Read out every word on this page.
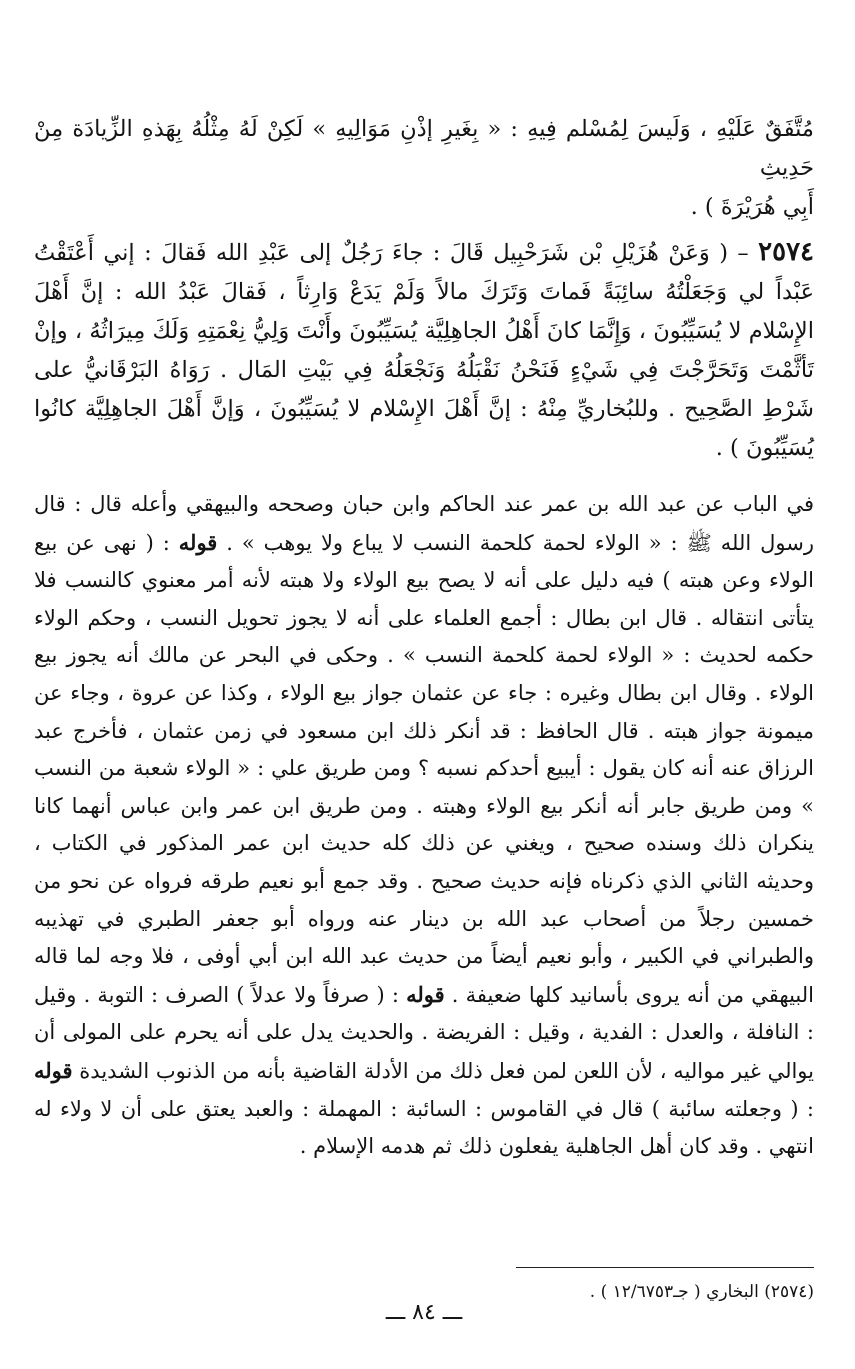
مُتَّفَقٌ عَلَيْهِ ، وَلَيسَ لِمُسْلم فِيهِ : « بِغَيرِ إذْنِ مَوَالِيهِ » لَكِنْ لَهُ مِثْلُهُ بِهَذهِ الزِّيادَة مِنْ حَدِيثِ

أَبِي هُرَيْرَةَ ) .

٢٥٧٤ – ( وَعَنْ هُزَيْلِ بْن شَرَحْبِيل قَالَ : جاءَ رَجُلٌ إلى عَبْدِ الله فَقالَ : إني أَعْتَقْتُ عَبْداً لي وَجَعَلْتُهُ سائِبَةً فَماتَ وَتَرَكَ مالاً وَلَمْ يَدَعْ وَارِثاً ، فَقالَ عَبْدُ الله : إنَّ أَهْلَ الإِسْلام لا يُسَيِّبُونَ ، وَإِنَّمَا كانَ أَهْلُ الجاهِلِيَّة يُسَيِّبُونَ وأَنْتَ وَلِيُّ نِعْمَتِهِ وَلَكَ مِيرَاثُهُ ، وإنْ تَأثَّمْتَ وَتَحَرَّجْتَ فِي شَيْءٍ فَنَحْنُ نَقْبَلُهُ وَنَجْعَلُهُ فِي بَيْتِ المَال . رَوَاهُ البَرْقَانيُّ على شَرْطِ الصَّحِيح . وللبُخاريِّ مِنْهُ : إنَّ أَهْلَ الإِسْلام لا يُسَيِّبُونَ ، وَإنَّ أَهْلَ الجاهِلِيَّة كانُوا يُسَيِّبُونَ ) .

في الباب عن عبد الله بن عمر عند الحاكم وابن حبان وصححه والبيهقي وأعله قال : قال رسول الله ﷺ : « الولاء لحمة كلحمة النسب لا يباع ولا يوهب » . قوله : ( نهى عن بيع الولاء وعن هبته ) فيه دليل على أنه لا يصح بيع الولاء ولا هبته لأنه أمر معنوي كالنسب فلا يتأتى انتقاله . قال ابن بطال : أجمع العلماء على أنه لا يجوز تحويل النسب ، وحكم الولاء حكمه لحديث : « الولاء لحمة كلحمة النسب » . وحكى في البحر عن مالك أنه يجوز بيع الولاء . وقال ابن بطال وغيره : جاء عن عثمان جواز بيع الولاء ، وكذا عن عروة ، وجاء عن ميمونة جواز هبته . قال الحافظ : قد أنكر ذلك ابن مسعود في زمن عثمان ، فأخرج عبد الرزاق عنه أنه كان يقول : أيبيع أحدكم نسبه ؟ ومن طريق علي : « الولاء شعبة من النسب » ومن طريق جابر أنه أنكر بيع الولاء وهبته . ومن طريق ابن عمر وابن عباس أنهما كانا ينكران ذلك وسنده صحيح ، ويغني عن ذلك كله حديث ابن عمر المذكور في الكتاب ، وحديثه الثاني الذي ذكرناه فإنه حديث صحيح . وقد جمع أبو نعيم طرقه فرواه عن نحو من خمسين رجلاً من أصحاب عبد الله بن دينار عنه ورواه أبو جعفر الطبري في تهذيبه والطبراني في الكبير ، وأبو نعيم أيضاً من حديث عبد الله ابن أبي أوفى ، فلا وجه لما قاله البيهقي من أنه يروى بأسانيد كلها ضعيفة . قوله : ( صرفاً ولا عدلاً ) الصرف : التوبة . وقيل : النافلة ، والعدل : الفدية ، وقيل : الفريضة . والحديث يدل على أنه يحرم على المولى أن يوالي غير مواليه ، لأن اللعن لمن فعل ذلك من الأدلة القاضية بأنه من الذنوب الشديدة قوله : ( وجعلته سائبة ) قال في القاموس : السائبة : المهملة : والعبد يعتق على أن لا ولاء له انتهي . وقد كان أهل الجاهلية يفعلون ذلك ثم هدمه الإسلام .

(٢٥٧٤) البخاري ( جـ١٢/٦٧٥٣ ) .
ـــ ٨٤ ـــ
